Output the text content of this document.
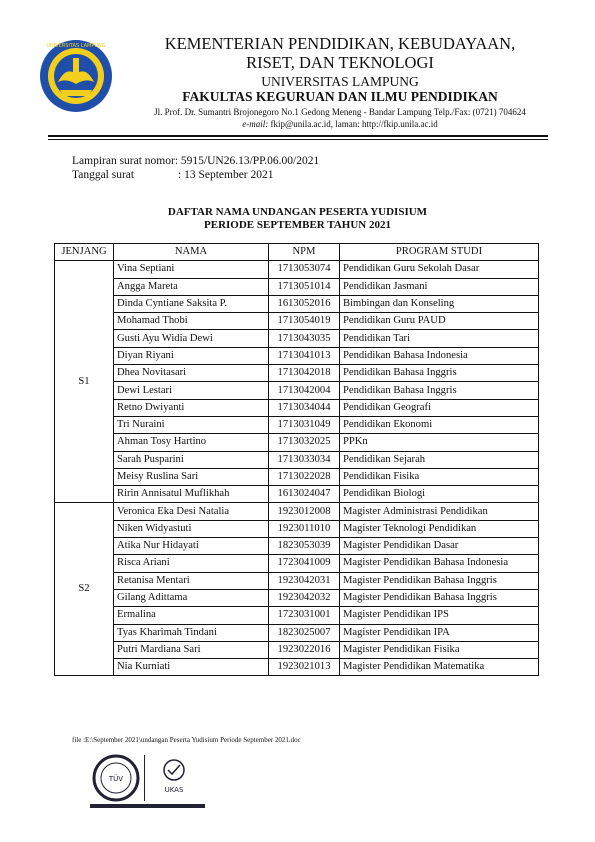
UNIVERSITAS LAMPUNG	KEMENTERIAN PENDIDIKAN, KEBUDAYAAN,
RISET, DAN TEKNOLOGI
UNIVERSITAS LAMPUNG
FAKULTAS KEGURUAN DAN ILMU PENDIDIKAN
Jl. Prof. Dr. Sumantri Brojonegoro No.1 Gedong Meneng - Bandar Lampung Telp./Fax: (0721) 704624
e-mail: fkip@unila.ac.id, laman: http://fkip.unila.ac.id
Lampiran surat nomor: 5915/UN26.13/PP.06.00/2021
Tanggal surat	: 13 September 2021
DAFTAR NAMA UNDANGAN PESERTA YUDISIUM
PERIODE SEPTEMBER TAHUN 2021
JENJANG	NAMA	NPM	PROGRAM STUDI
S1	Vina Septiani	1713053074	Pendidikan Guru Sekolah Dasar
	Angga Mareta	1713051014	Pendidikan Jasmani
	Dinda Cyntiane Saksita P.	1613052016	Bimbingan dan Konseling
	Mohamad Thobi	1713054019	Pendidikan Guru PAUD
	Gusti Ayu Widia Dewi	1713043035	Pendidikan Tari
	Diyan Riyani	1713041013	Pendidikan Bahasa Indonesia
	Dhea Novitasari	1713042018	Pendidikan Bahasa Inggris
	Dewi Lestari	1713042004	Pendidikan Bahasa Inggris
	Retno Dwiyanti	1713034044	Pendidikan Geografi
	Tri Nuraini	1713031049	Pendidikan Ekonomi
	Ahman Tosy Hartino	1713032025	PPKn
	Sarah Pusparini	1713033034	Pendidikan Sejarah
	Meisy Ruslina Sari	1713022028	Pendidikan Fisika
	Ririn Annisatul Muflikhah	1613024047	Pendidikan Biologi
S2	Veronica Eka Desi Natalia	1923012008	Magister Administrasi Pendidikan
	Niken Widyastuti	1923011010	Magister Teknologi Pendidikan
	Atika Nur Hidayati	1823053039	Magister Pendidikan Dasar
	Risca Ariani	1723041009	Magister Pendidikan Bahasa Indonesia
	Retanisa Mentari	1923042031	Magister Pendidikan Bahasa Inggris
	Gilang Adittama	1923042032	Magister Pendidikan Bahasa Inggris
	Ermalina	1723031001	Magister Pendidikan IPS
	Tyas Kharimah Tindani	1823025007	Magister Pendidikan IPA
	Putri Mardiana Sari	1923022016	Magister Pendidikan Fisika
	Nia Kurniati	1923021013	Magister Pendidikan Matematika
file :E:\September 2021\undangan Peserta Yudisium Periode September 2021.doc
TÜV
UKAS
